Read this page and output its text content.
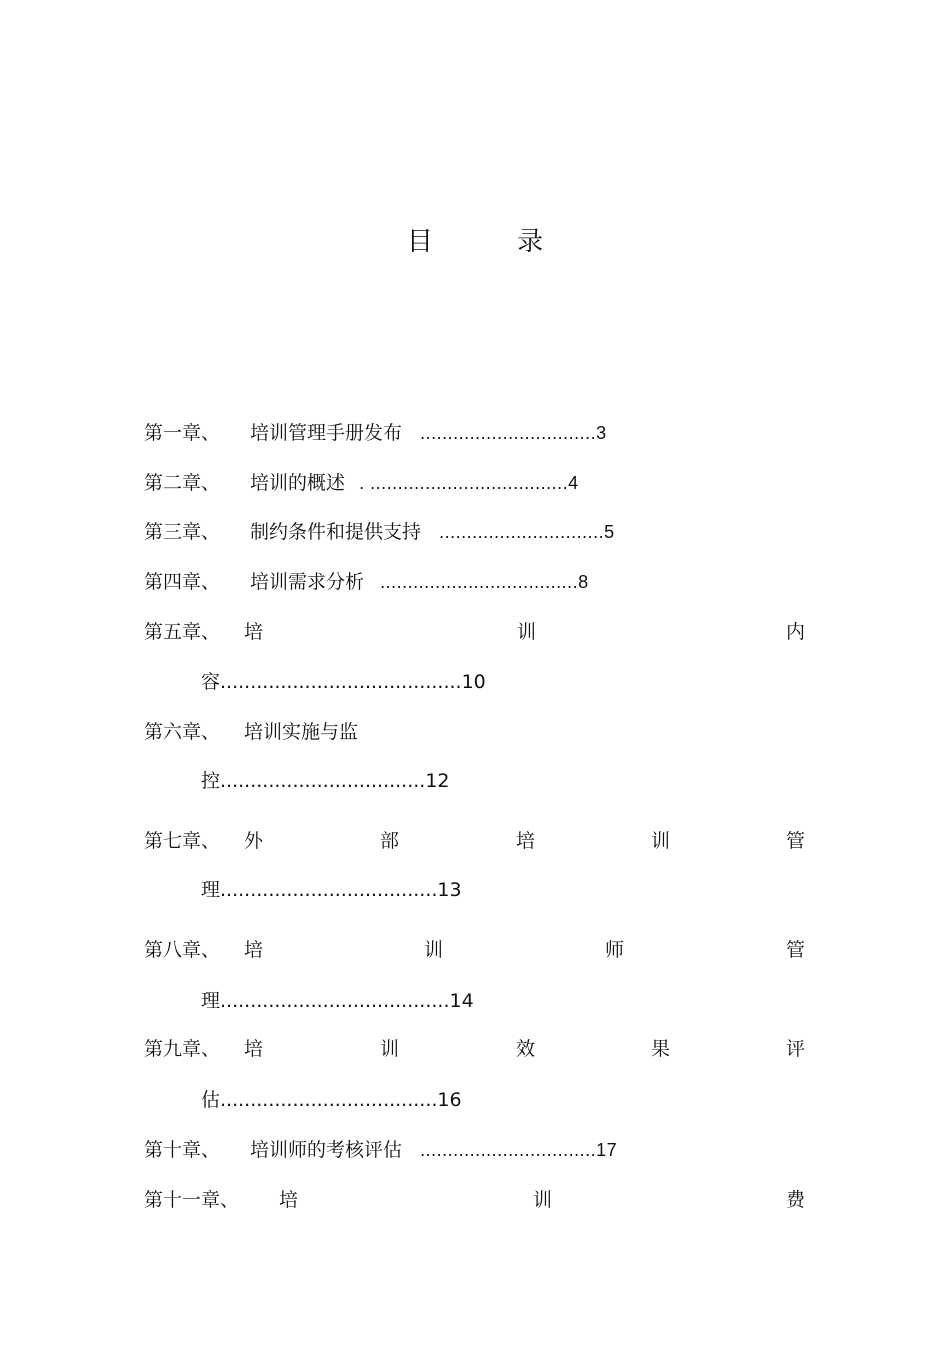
目 录
第一章、 培训管理手册发布 ................................3
第二章、 培训的概述 . ....................................4
第三章、 制约条件和提供支持 ..............................5
第四章、 培训需求分析 ....................................8
第五章、 培	训	内
容........................................10
第六章、 培训实施与监
控..................................12
第七章、 外	部	培	训	管
理....................................13
第八章、 培	训	师	管
理......................................14
第九章、 培	训	效	果	评
估....................................16
第十章、 培训师的考核评估 ................................17
第十一章、 培	训	费
